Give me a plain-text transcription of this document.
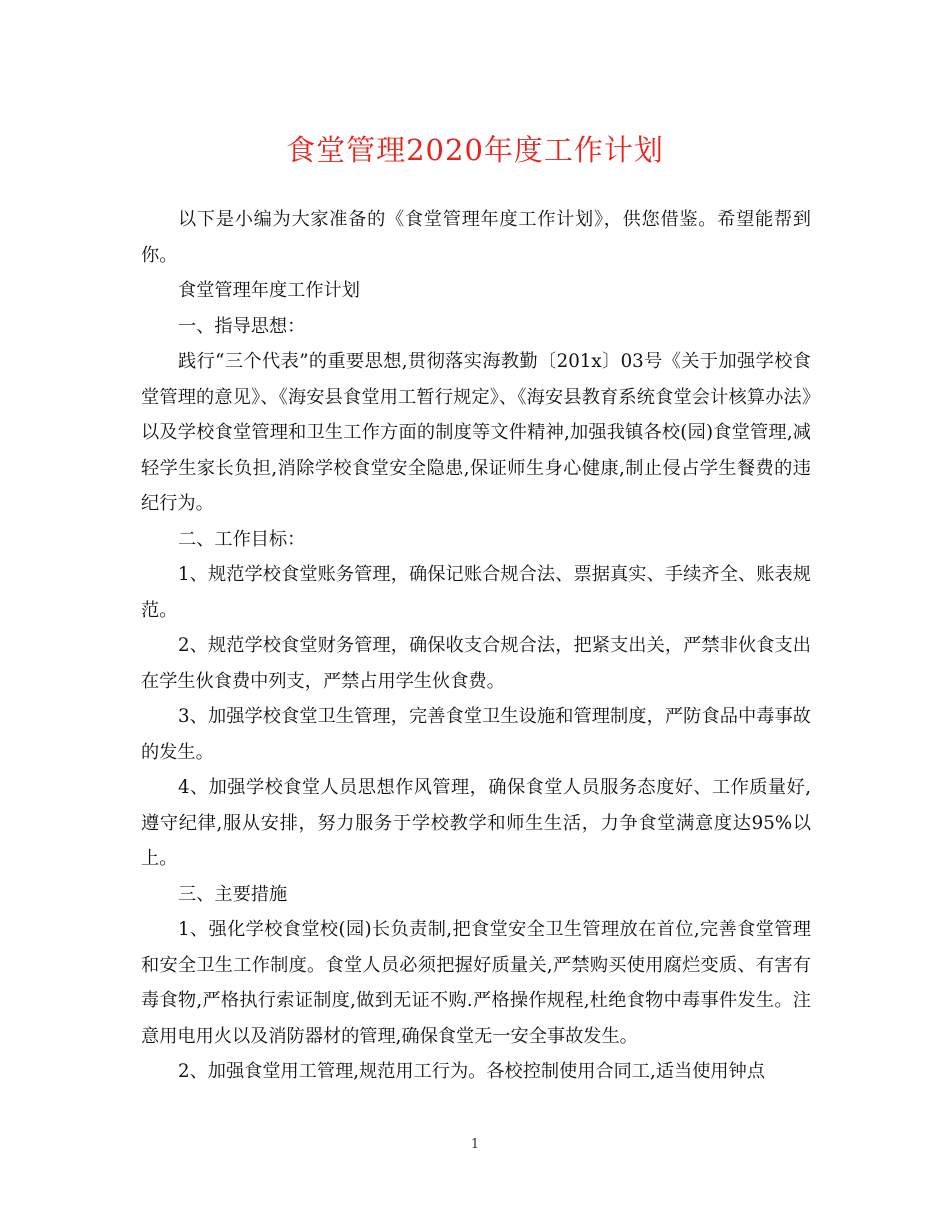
食堂管理2020年度工作计划

以下是小编为大家准备的《食堂管理年度工作计划》，供您借鉴。希望能帮到你。

食堂管理年度工作计划

一、指导思想：

践行“三个代表”的重要思想,贯彻落实海教勤〔201x〕03号《关于加强学校食堂管理的意见》、《海安县食堂用工暂行规定》、《海安县教育系统食堂会计核算办法》以及学校食堂管理和卫生工作方面的制度等文件精神,加强我镇各校(园)食堂管理,减轻学生家长负担,消除学校食堂安全隐患,保证师生身心健康,制止侵占学生餐费的违纪行为。

二、工作目标：

1、规范学校食堂账务管理，确保记账合规合法、票据真实、手续齐全、账表规范。

2、规范学校食堂财务管理，确保收支合规合法，把紧支出关，严禁非伙食支出在学生伙食费中列支，严禁占用学生伙食费。

3、加强学校食堂卫生管理，完善食堂卫生设施和管理制度，严防食品中毒事故的发生。

4、加强学校食堂人员思想作风管理，确保食堂人员服务态度好、工作质量好,遵守纪律,服从安排，努力服务于学校教学和师生生活，力争食堂满意度达95%以上。

三、主要措施

1、强化学校食堂校(园)长负责制,把食堂安全卫生管理放在首位,完善食堂管理和安全卫生工作制度。食堂人员必须把握好质量关,严禁购买使用腐烂变质、有害有毒食物,严格执行索证制度,做到无证不购.严格操作规程,杜绝食物中毒事件发生。注意用电用火以及消防器材的管理,确保食堂无一安全事故发生。

2、加强食堂用工管理,规范用工行为。各校控制使用合同工,适当使用钟点

1
